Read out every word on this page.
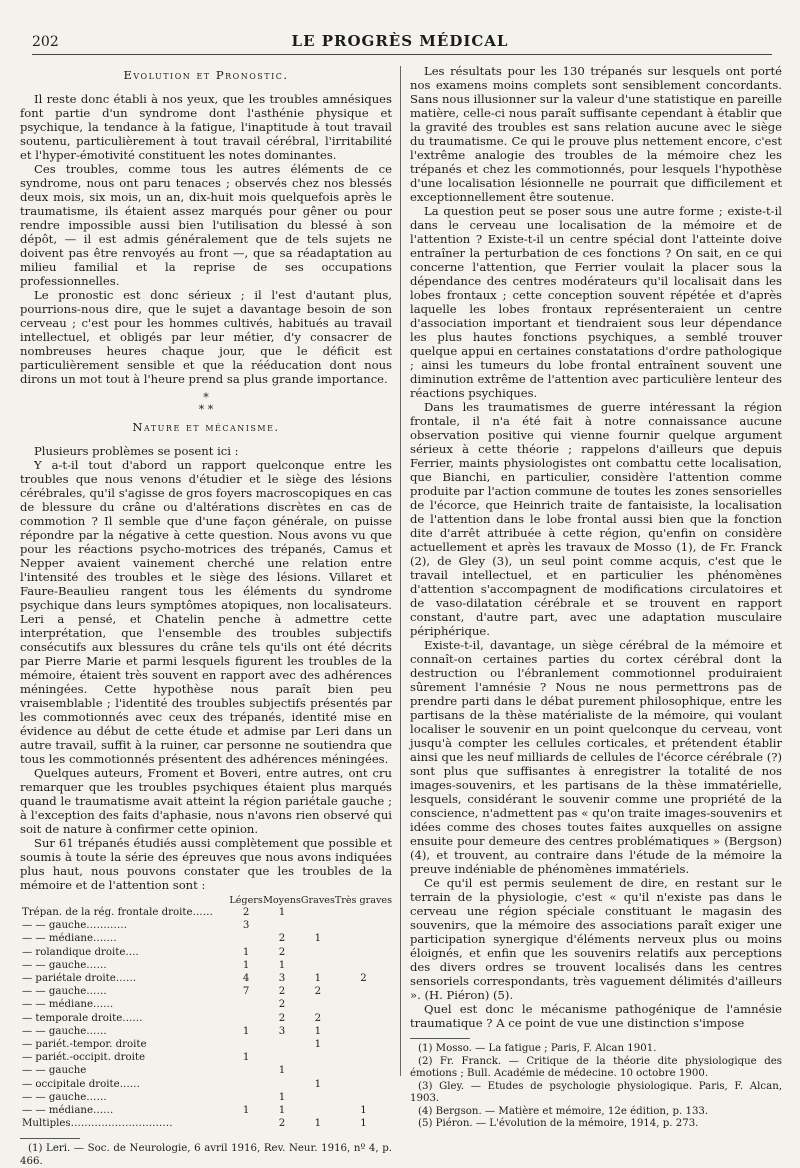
202	LE PROGRÈS MÉDICAL
Evolution et Pronostic.

Il reste donc établi à nos yeux, que les troubles amnésiques font partie d'un syndrome dont l'asthénie physique et psychique, la tendance à la fatigue, l'inaptitude à tout travail soutenu, particulièrement à tout travail cérébral, l'irritabilité et l'hyper-émotivité constituent les notes dominantes.

Ces troubles, comme tous les autres éléments de ce syndrome, nous ont paru tenaces ; observés chez nos blessés deux mois, six mois, un an, dix-huit mois quelquefois après le traumatisme, ils étaient assez marqués pour gêner ou pour rendre impossible aussi bien l'utilisation du blessé à son dépôt, — il est admis généralement que de tels sujets ne doivent pas être renvoyés au front —, que sa réadaptation au milieu familial et la reprise de ses occupations professionnelles.

Le pronostic est donc sérieux ; il l'est d'autant plus, pourrions-nous dire, que le sujet a davantage besoin de son cerveau ; c'est pour les hommes cultivés, habitués au travail intellectuel, et obligés par leur métier, d'y consacrer de nombreuses heures chaque jour, que le déficit est particulièrement sensible et que la rééducation dont nous dirons un mot tout à l'heure prend sa plus grande importance.

*
* *
Nature et mécanisme.

Plusieurs problèmes se posent ici :

Y a-t-il tout d'abord un rapport quelconque entre les troubles que nous venons d'étudier et le siège des lésions cérébrales, qu'il s'agisse de gros foyers macroscopiques en cas de blessure du crâne ou d'altérations discrètes en cas de commotion ? Il semble que d'une façon générale, on puisse répondre par la négative à cette question. Nous avons vu que pour les réactions psycho-motrices des trépanés, Camus et Nepper avaient vainement cherché une relation entre l'intensité des troubles et le siège des lésions. Villaret et Faure-Beaulieu rangent tous les éléments du syndrome psychique dans leurs symptômes atopiques, non localisateurs. Leri a pensé, et Chatelin penche à admettre cette interprétation, que l'ensemble des troubles subjectifs consécutifs aux blessures du crâne tels qu'ils ont été décrits par Pierre Marie et parmi lesquels figurent les troubles de la mémoire, étaient très souvent en rapport avec des adhérences méningées. Cette hypothèse nous paraît bien peu vraisemblable ; l'identité des troubles subjectifs présentés par les commotionnés avec ceux des trépanés, identité mise en évidence au début de cette étude et admise par Leri dans un autre travail, suffit à la ruiner, car personne ne soutiendra que tous les commotionnés présentent des adhérences méningées.

Quelques auteurs, Froment et Boveri, entre autres, ont cru remarquer que les troubles psychiques étaient plus marqués quand le traumatisme avait atteint la région pariétale gauche ; à l'exception des faits d'aphasie, nous n'avons rien observé qui soit de nature à confirmer cette opinion.

Sur 61 trépanés étudiés aussi complètement que possible et soumis à toute la série des épreuves que nous avons indiquées plus haut, nous pouvons constater que les troubles de la mémoire et de l'attention sont :

	Légers	Moyens	Graves	Très graves
Trépan. de la rég. frontale droite……	2	1		
— — gauche…………	3			
— — médiane…….		2	1	
— rolandique droite….	1	2		
— — gauche……	1	1		
— pariétale droite……	4	3	1	2
— — gauche……	7	2	2	
— — médiane……		2		
— temporale droite……		2	2	
— — gauche……	1	3	1	
— pariét.-tempor. droite			1	
— pariét.-occipit. droite	1			
— — gauche		1		
— occipitale droite……			1	
— — gauche……		1		
— — médiane……	1	1		1
Multiples…………………………		2	1	1
(1) Leri. — Soc. de Neurologie, 6 avril 1916, Rev. Neur. 1916, nº 4, p. 466.

Les résultats pour les 130 trépanés sur lesquels ont porté nos examens moins complets sont sensiblement concordants. Sans nous illusionner sur la valeur d'une statistique en pareille matière, celle-ci nous paraît suffisante cependant à établir que la gravité des troubles est sans relation aucune avec le siège du traumatisme. Ce qui le prouve plus nettement encore, c'est l'extrême analogie des troubles de la mémoire chez les trépanés et chez les commotionnés, pour lesquels l'hypothèse d'une localisation lésionnelle ne pourrait que difficilement et exceptionnellement être soutenue.

La question peut se poser sous une autre forme ; existe-t-il dans le cerveau une localisation de la mémoire et de l'attention ? Existe-t-il un centre spécial dont l'atteinte doive entraîner la perturbation de ces fonctions ? On sait, en ce qui concerne l'attention, que Ferrier voulait la placer sous la dépendance des centres modérateurs qu'il localisait dans les lobes frontaux ; cette conception souvent répétée et d'après laquelle les lobes frontaux représenteraient un centre d'association important et tiendraient sous leur dépendance les plus hautes fonctions psychiques, a semblé trouver quelque appui en certaines constatations d'ordre pathologique ; ainsi les tumeurs du lobe frontal entraînent souvent une diminution extrême de l'attention avec particulière lenteur des réactions psychiques.

Dans les traumatismes de guerre intéressant la région frontale, il n'a été fait à notre connaissance aucune observation positive qui vienne fournir quelque argument sérieux à cette théorie ; rappelons d'ailleurs que depuis Ferrier, maints physiologistes ont combattu cette localisation, que Bianchi, en particulier, considère l'attention comme produite par l'action commune de toutes les zones sensorielles de l'écorce, que Heinrich traite de fantaisiste, la localisation de l'attention dans le lobe frontal aussi bien que la fonction dite d'arrêt attribuée à cette région, qu'enfin on considère actuellement et après les travaux de Mosso (1), de Fr. Franck (2), de Gley (3), un seul point comme acquis, c'est que le travail intellectuel, et en particulier les phénomènes d'attention s'accompagnent de modifications circulatoires et de vaso-dilatation cérébrale et se trouvent en rapport constant, d'autre part, avec une adaptation musculaire périphérique.

Existe-t-il, davantage, un siège cérébral de la mémoire et connaît-on certaines parties du cortex cérébral dont la destruction ou l'ébranlement commotionnel produiraient sûrement l'amnésie ? Nous ne nous permettrons pas de prendre parti dans le débat purement philosophique, entre les partisans de la thèse matérialiste de la mémoire, qui voulant localiser le souvenir en un point quelconque du cerveau, vont jusqu'à compter les cellules corticales, et prétendent établir ainsi que les neuf milliards de cellules de l'écorce cérébrale (?) sont plus que suffisantes à enregistrer la totalité de nos images-souvenirs, et les partisans de la thèse immatérielle, lesquels, considérant le souvenir comme une propriété de la conscience, n'admettent pas « qu'on traite images-souvenirs et idées comme des choses toutes faites auxquelles on assigne ensuite pour demeure des centres problématiques » (Bergson) (4), et trouvent, au contraire dans l'étude de la mémoire la preuve indéniable de phénomènes immatériels.

Ce qu'il est permis seulement de dire, en restant sur le terrain de la physiologie, c'est « qu'il n'existe pas dans le cerveau une région spéciale constituant le magasin des souvenirs, que la mémoire des associations paraît exiger une participation synergique d'éléments nerveux plus ou moins éloignés, et enfin que les souvenirs relatifs aux perceptions des divers ordres se trouvent localisés dans les centres sensoriels correspondants, très vaguement délimités d'ailleurs ». (H. Piéron) (5).

Quel est donc le mécanisme pathogénique de l'amnésie traumatique ? A ce point de vue une distinction s'impose

(1) Mosso. — La fatigue ; Paris, F. Alcan 1901.
(2) Fr. Franck. — Critique de la théorie dite physiologique des émotions ; Bull. Académie de médecine. 10 octobre 1900.
(3) Gley. — Etudes de psychologie physiologique. Paris, F. Alcan, 1903.
(4) Bergson. — Matière et mémoire, 12e édition, p. 133.
(5) Piéron. — L'évolution de la mémoire, 1914, p. 273.
